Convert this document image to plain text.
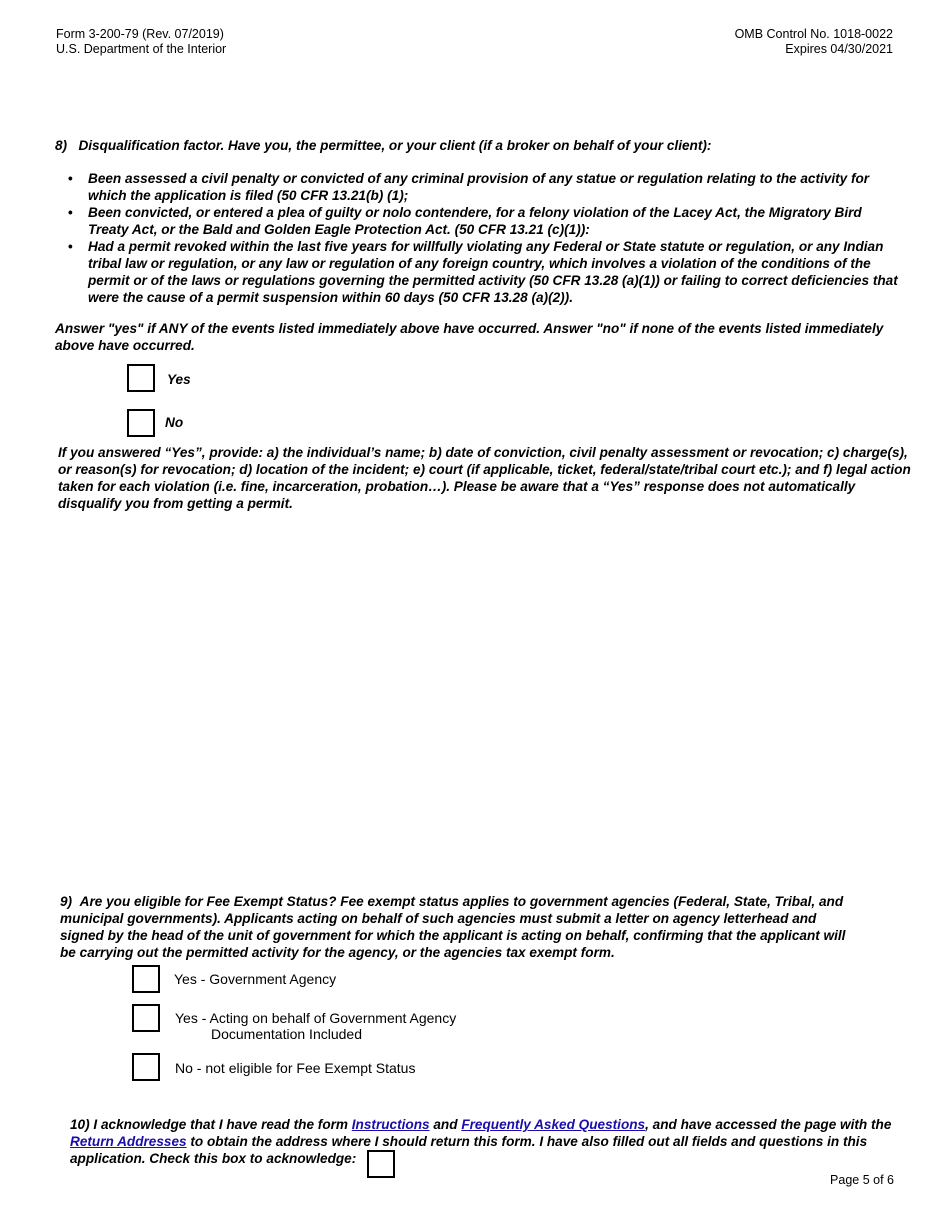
Form 3-200-79 (Rev. 07/2019)
U.S. Department of the Interior
OMB Control No. 1018-0022
Expires 04/30/2021
8) Disqualification factor. Have you, the permittee, or your client (if a broker on behalf of your client):
• Been assessed a civil penalty or convicted of any criminal provision of any statue or regulation relating to the activity for which the application is filed (50 CFR 13.21(b) (1);
• Been convicted, or entered a plea of guilty or nolo contendere, for a felony violation of the Lacey Act, the Migratory Bird Treaty Act, or the Bald and Golden Eagle Protection Act. (50 CFR 13.21 (c)(1)):
• Had a permit revoked within the last five years for willfully violating any Federal or State statute or regulation, or any Indian tribal law or regulation, or any law or regulation of any foreign country, which involves a violation of the conditions of the permit or of the laws or regulations governing the permitted activity (50 CFR 13.28 (a)(1)) or failing to correct deficiencies that were the cause of a permit suspension within 60 days (50 CFR 13.28 (a)(2)).
Answer "yes" if ANY of the events listed immediately above have occurred. Answer "no" if none of the events listed immediately above have occurred.
Yes
No
If you answered “Yes”, provide: a) the individual’s name; b) date of conviction, civil penalty assessment or revocation; c) charge(s), or reason(s) for revocation; d) location of the incident; e) court (if applicable, ticket, federal/state/tribal court etc.); and f) legal action taken for each violation (i.e. fine, incarceration, probation…). Please be aware that a “Yes” response does not automatically disqualify you from getting a permit.
9) Are you eligible for Fee Exempt Status? Fee exempt status applies to government agencies (Federal, State, Tribal, and municipal governments). Applicants acting on behalf of such agencies must submit a letter on agency letterhead and signed by the head of the unit of government for which the applicant is acting on behalf, confirming that the applicant will be carrying out the permitted activity for the agency, or the agencies tax exempt form.
Yes - Government Agency
Yes - Acting on behalf of Government Agency
Documentation Included
No - not eligible for Fee Exempt Status
10) I acknowledge that I have read the form Instructions and Frequently Asked Questions, and have accessed the page with the Return Addresses to obtain the address where I should return this form. I have also filled out all fields and questions in this application. Check this box to acknowledge:
Page 5 of 6
